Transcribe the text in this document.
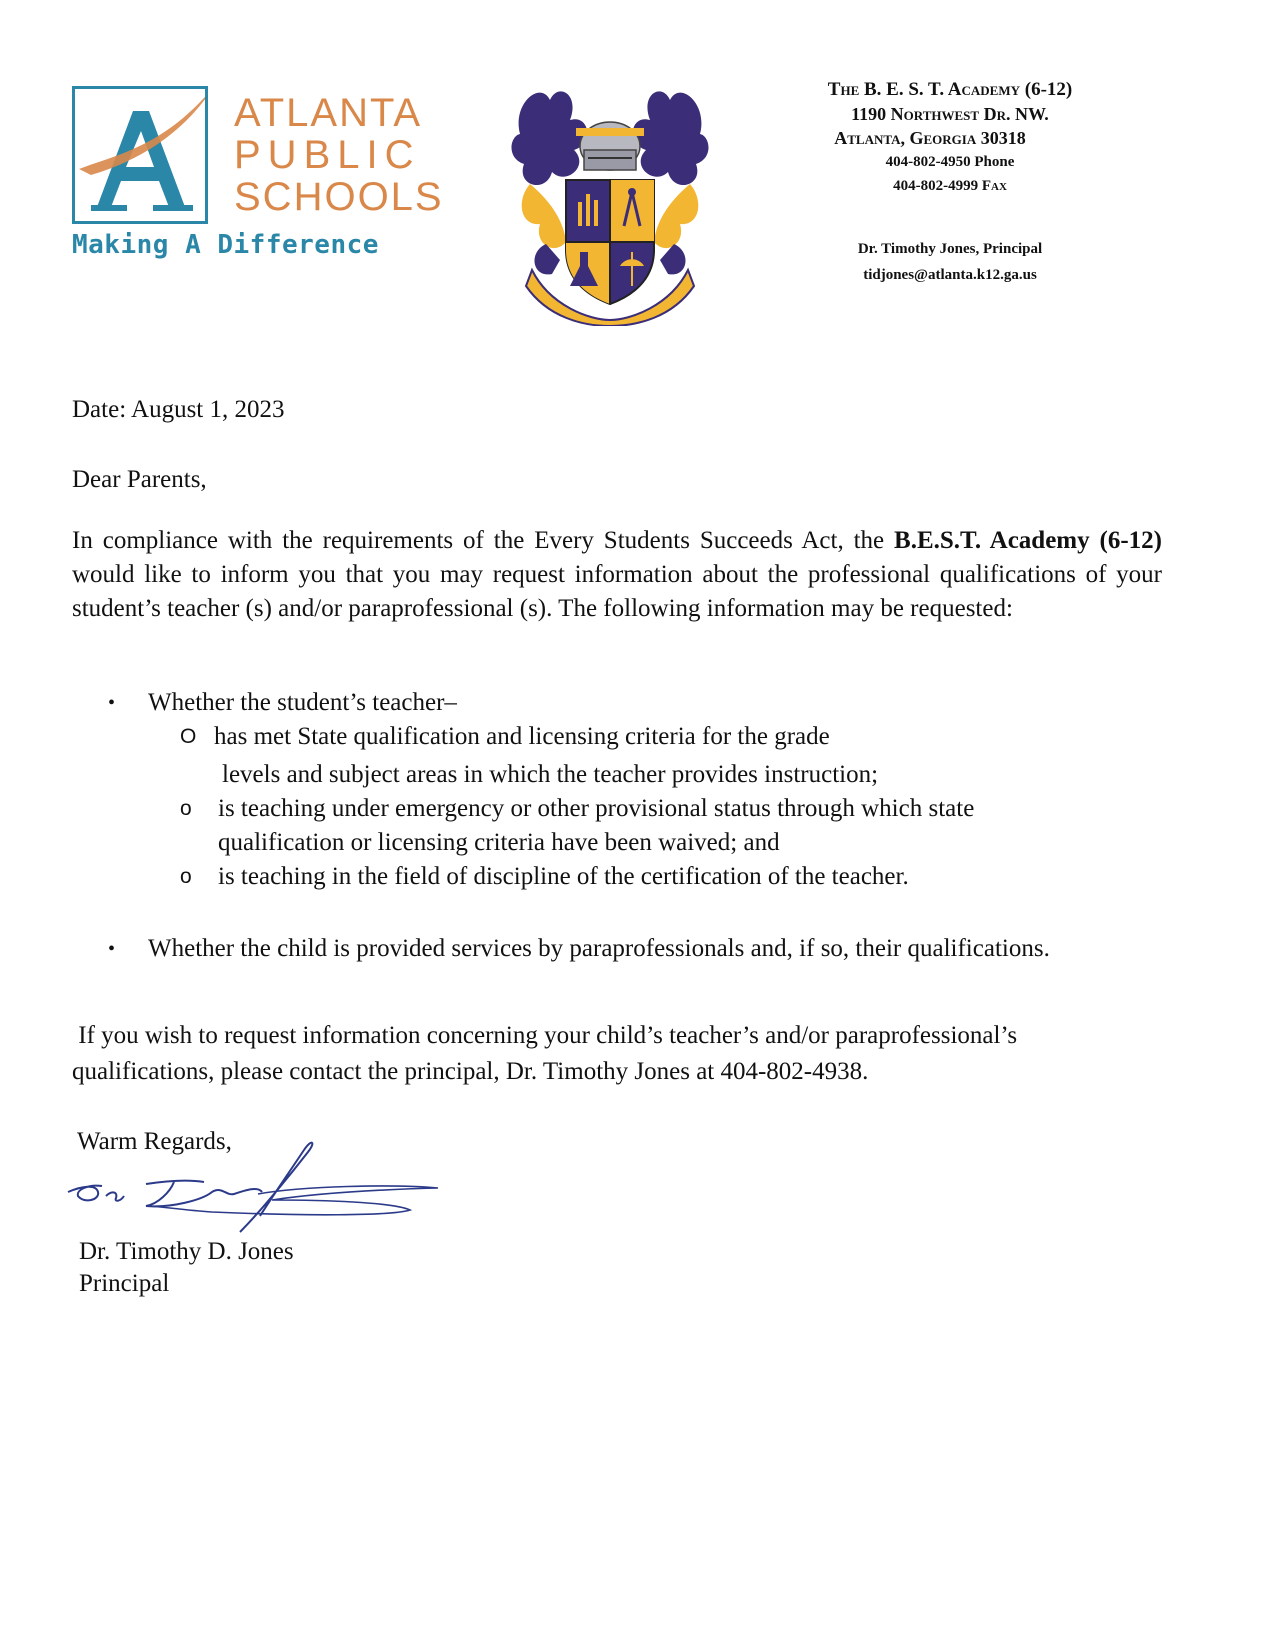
ATLANTA
PUBLIC
SCHOOLS
Making A Difference
The B. E. S. T. Academy (6-12)
1190 Northwest Dr. NW.
Atlanta, Georgia 30318
404-802-4950 Phone
404-802-4999 Fax
Dr. Timothy Jones, Principal
tidjones@atlanta.k12.ga.us
Date: August 1, 2023
Dear Parents,

In compliance with the requirements of the Every Students Succeeds Act, the B.E.S.T. Academy (6-12) would like to inform you that you may request information about the professional qualifications of your student’s teacher (s) and/or paraprofessional (s). The following information may be requested:

• Whether the student’s teacher–
O has met State qualification and licensing criteria for the grade
levels and subject areas in which the teacher provides instruction;
o is teaching under emergency or other provisional status through which state
qualification or licensing criteria have been waived; and
o is teaching in the field of discipline of the certification of the teacher.
• Whether the child is provided services by paraprofessionals and, if so, their qualifications.

If you wish to request information concerning your child’s teacher’s and/or paraprofessional’s
qualifications, please contact the principal, Dr. Timothy Jones at 404-802-4938.

Warm Regards,
Dr. Timothy D. Jones
Principal
